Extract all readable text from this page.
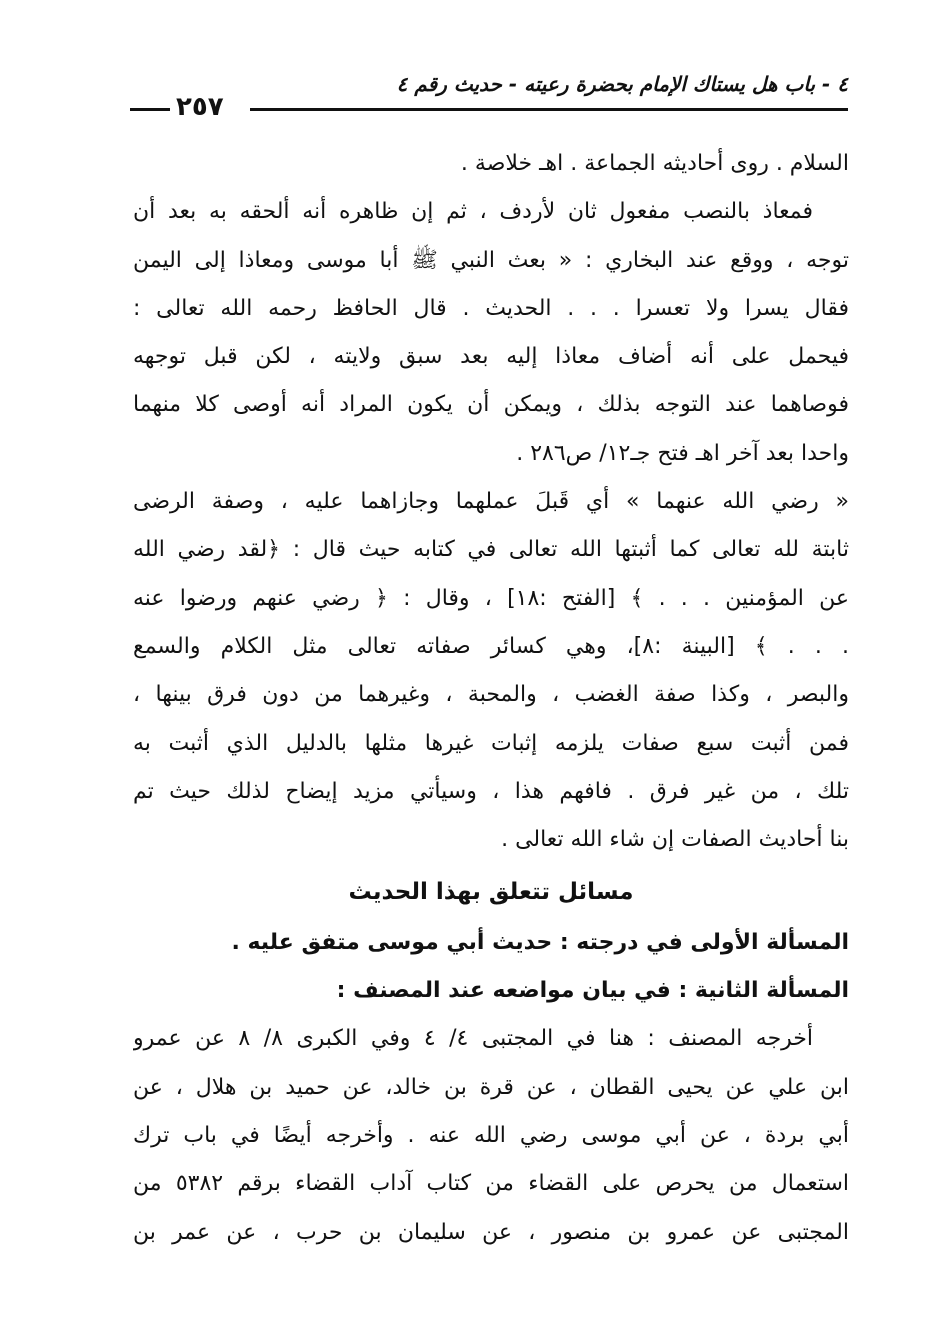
٤ - باب هل يستاك الإمام بحضرة رعيته - حديث رقم ٤
٢٥٧
السلام . روى أحاديثه الجماعة . اهـ خلاصة .
فمعاذ بالنصب مفعول ثان لأردف ، ثم إن ظاهره أنه ألحقه به بعد أن
توجه ، ووقع عند البخاري : « بعث النبي ﷺ أبا موسى ومعاذا إلى اليمن
فقال يسرا ولا تعسرا . . . الحديث . قال الحافظ رحمه الله تعالى :
فيحمل على أنه أضاف معاذا إليه بعد سبق ولايته ، لكن قبل توجهه
فوصاهما عند التوجه بذلك ، ويمكن أن يكون المراد أنه أوصى كلا منهما
واحدا بعد آخر اهـ فتح جـ١٢/ ص٢٨٦ .
« رضي الله عنهما » أي قَبلَ عملهما وجازاهما عليه ، وصفة الرضى
ثابتة لله تعالى كما أثبتها الله تعالى في كتابه حيث قال : ﴿لقد رضي الله
عن المؤمنين . . . ﴾ [الفتح :١٨] ، وقال : ﴿ رضي عنهم ورضوا عنه
. . . ﴾ [البينة :٨]، وهي كسائر صفاته تعالى مثل الكلام والسمع
والبصر ، وكذا صفة الغضب ، والمحبة ، وغيرهما من دون فرق بينها ،
فمن أثبت سبع صفات يلزمه إثبات غيرها مثلها بالدليل الذي أثبت به
تلك ، من غير فرق . فافهم هذا ، وسيأتي مزيد إيضاح لذلك حيث تم
بنا أحاديث الصفات إن شاء الله تعالى .
مسائل تتعلق بهذا الحديث
المسألة الأولى في درجته : حديث أبي موسى متفق عليه .
المسألة الثانية : في بيان مواضعه عند المصنف :
أخرجه المصنف : هنا في المجتبى ٤/ ٤ وفي الكبرى ٨/ ٨ عن عمرو
ابن علي عن يحيى القطان ، عن قرة بن خالد، عن حميد بن هلال ، عن
أبي بردة ، عن أبي موسى رضي الله عنه . وأخرجه أيضًا في باب ترك
استعمال من يحرص على القضاء من كتاب آداب القضاء برقم ٥٣٨٢ من
المجتبى عن عمرو بن منصور ، عن سليمان بن حرب ، عن عمر بن
